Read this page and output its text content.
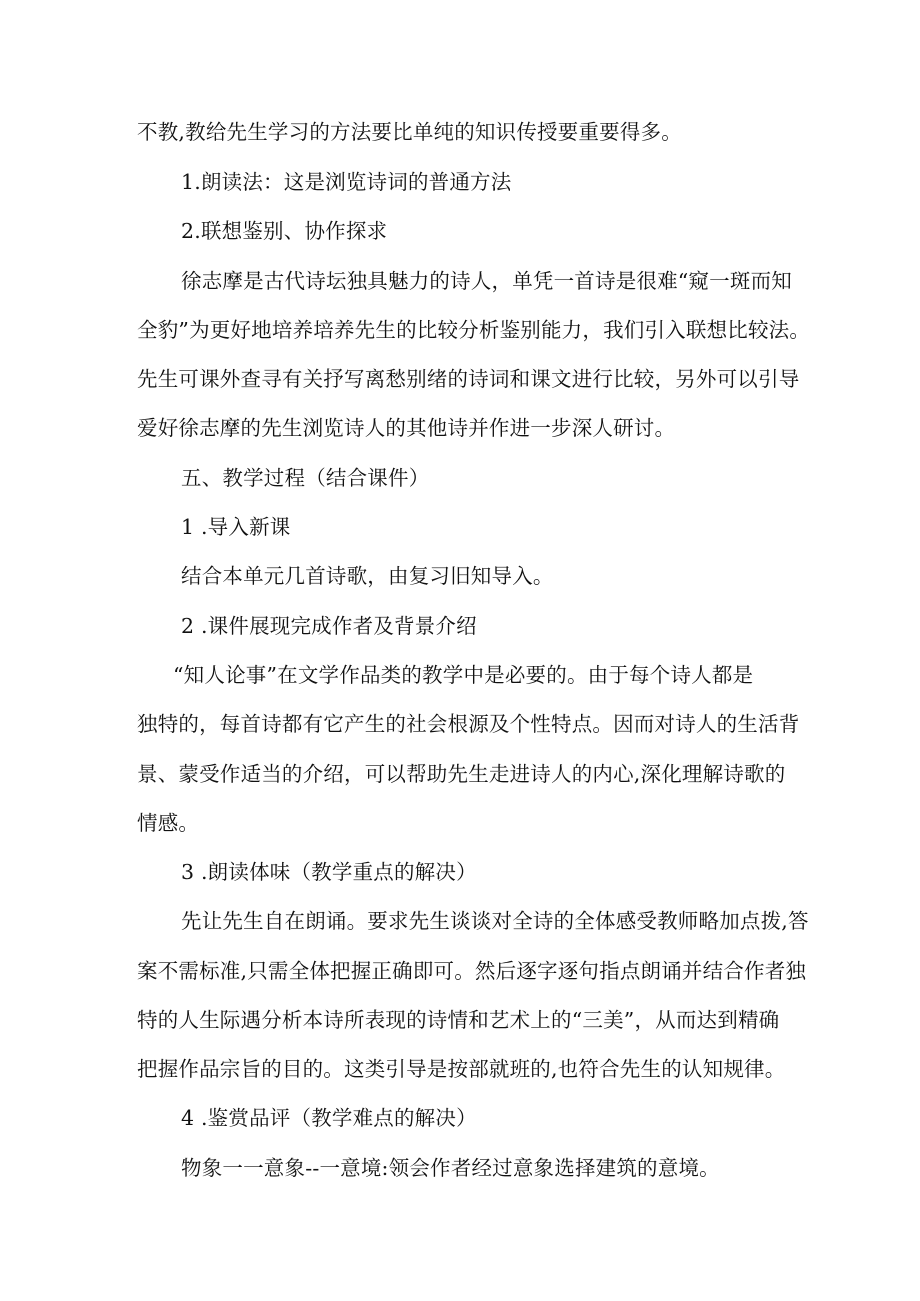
不教,教给先生学习的方法要比单纯的知识传授要重要得多。
1.朗读法：这是浏览诗词的普通方法
2.联想鉴别、协作探求
徐志摩是古代诗坛独具魅力的诗人，单凭一首诗是很难“窥一斑而知
全豹”为更好地培养培养先生的比较分析鉴别能力，我们引入联想比较法。
先生可课外查寻有关抒写离愁别绪的诗词和课文进行比较，另外可以引导
爱好徐志摩的先生浏览诗人的其他诗并作进一步深人研讨。
五、教学过程（结合课件）
1 .导入新课
结合本单元几首诗歌，由复习旧知导入。
2 .课件展现完成作者及背景介绍
“知人论事”在文学作品类的教学中是必要的。由于每个诗人都是
独特的，每首诗都有它产生的社会根源及个性特点。因而对诗人的生活背
景、蒙受作适当的介绍，可以帮助先生走进诗人的内心,深化理解诗歌的
情感。
3 .朗读体味（教学重点的解决）
先让先生自在朗诵。要求先生谈谈对全诗的全体感受教师略加点拨,答
案不需标准,只需全体把握正确即可。然后逐字逐句指点朗诵并结合作者独
特的人生际遇分析本诗所表现的诗情和艺术上的“三美”，从而达到精确
把握作品宗旨的目的。这类引导是按部就班的,也符合先生的认知规律。
4 .鉴赏品评（教学难点的解决）
物象一一意象--一意境:领会作者经过意象选择建筑的意境。
